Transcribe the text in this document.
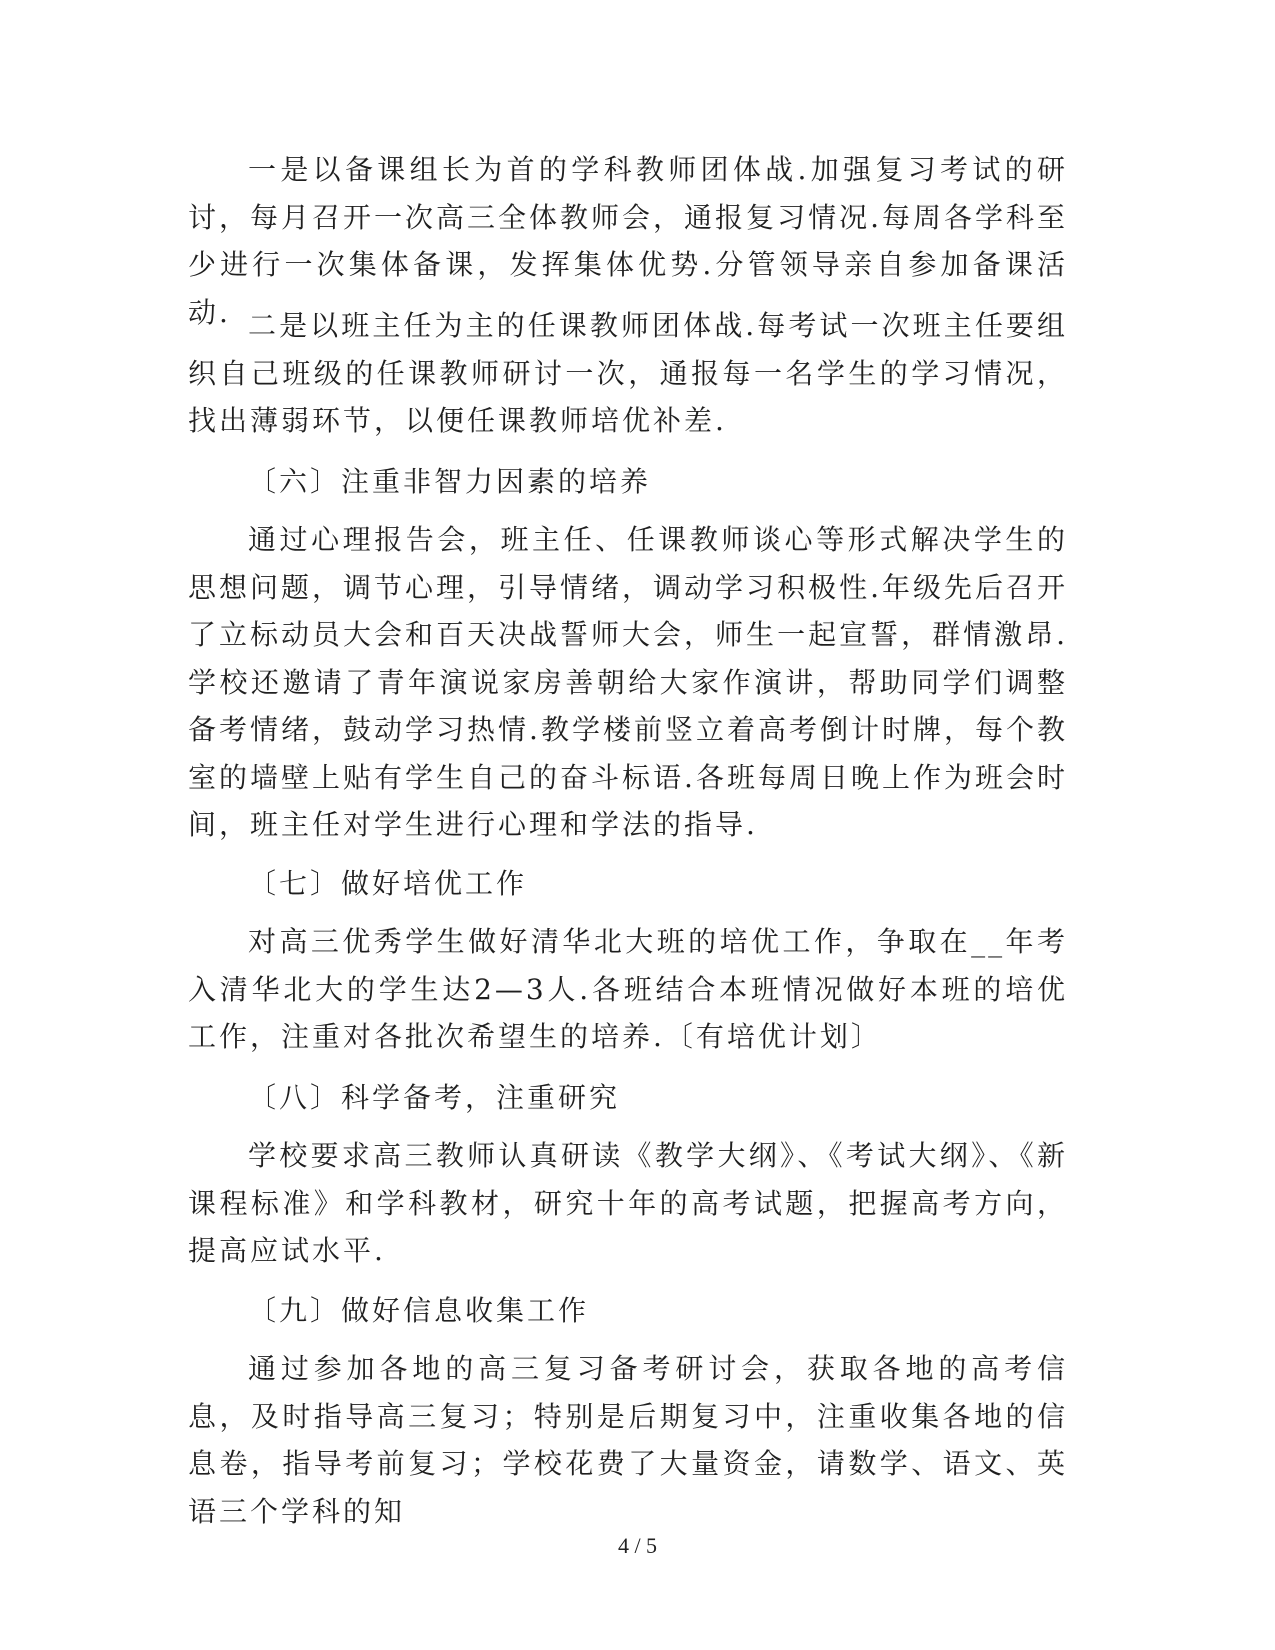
一是以备课组长为首的学科教师团体战.加强复习考试的研讨，每月召开一次高三全体教师会，通报复习情况.每周各学科至少进行一次集体备课，发挥集体优势.分管领导亲自参加备课活动. 二是以班主任为主的任课教师团体战.每考试一次班主任要组织自己班级的任课教师研讨一次，通报每一名学生的学习情况，找出薄弱环节，以便任课教师培优补差.

〔六〕注重非智力因素的培养

通过心理报告会，班主任、任课教师谈心等形式解决学生的思想问题，调节心理，引导情绪，调动学习积极性.年级先后召开了立标动员大会和百天决战誓师大会，师生一起宣誓，群情激昂.学校还邀请了青年演说家房善朝给大家作演讲，帮助同学们调整备考情绪，鼓动学习热情.教学楼前竖立着高考倒计时牌，每个教室的墙壁上贴有学生自己的奋斗标语.各班每周日晚上作为班会时间，班主任对学生进行心理和学法的指导.

〔七〕做好培优工作

对高三优秀学生做好清华北大班的培优工作，争取在__年考入清华北大的学生达2—3人.各班结合本班情况做好本班的培优工作，注重对各批次希望生的培养.〔有培优计划〕

〔八〕科学备考，注重研究

学校要求高三教师认真研读《教学大纲》、《考试大纲》、《新课程标准》和学科教材，研究十年的高考试题，把握高考方向，提高应试水平.

〔九〕做好信息收集工作

通过参加各地的高三复习备考研讨会，获取各地的高考信息，及时指导高三复习；特别是后期复习中，注重收集各地的信息卷，指导考前复习；学校花费了大量资金，请数学、语文、英语三个学科的知

4 / 5
